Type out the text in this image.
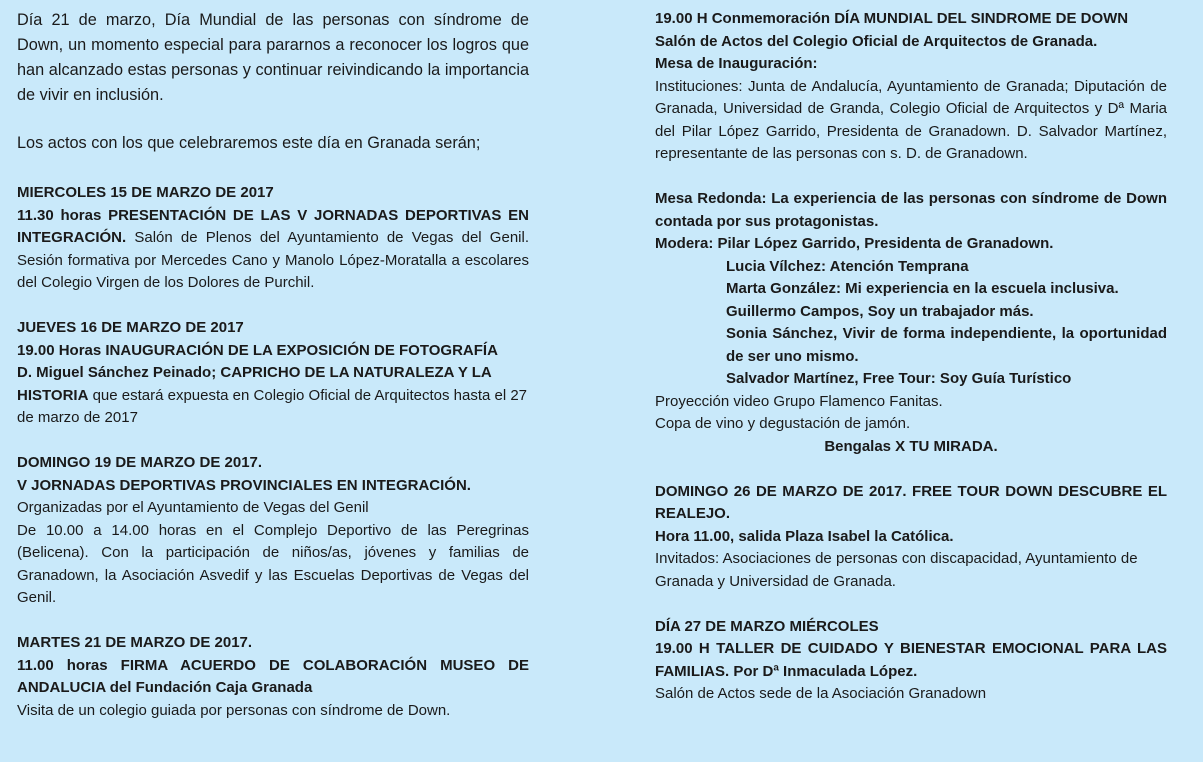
Día 21 de marzo, Día Mundial de las personas con síndrome de Down, un momento especial para pararnos a reconocer los logros que han alcanzado estas personas y continuar reivindicando la importancia de vivir en inclusión.

Los actos con los que celebraremos este día en Granada serán;

MIERCOLES 15 DE MARZO DE 2017

11.30 horas PRESENTACIÓN DE LAS V JORNADAS DEPORTIVAS EN INTEGRACIÓN. Salón de Plenos del Ayuntamiento de Vegas del Genil. Sesión formativa por Mercedes Cano y Manolo López-Moratalla a escolares del Colegio Virgen de los Dolores de Purchil.

JUEVES 16 DE MARZO DE 2017

19.00 Horas INAUGURACIÓN DE LA EXPOSICIÓN DE FOTOGRAFÍA

D. Miguel Sánchez Peinado; CAPRICHO DE LA NATURALEZA Y LA HISTORIA que estará expuesta en Colegio Oficial de Arquitectos hasta el 27 de marzo de 2017

DOMINGO 19 DE MARZO DE 2017.

V JORNADAS DEPORTIVAS PROVINCIALES EN INTEGRACIÓN.

Organizadas por el Ayuntamiento de Vegas del Genil

De 10.00 a 14.00 horas en el Complejo Deportivo de las Peregrinas (Belicena). Con la participación de niños/as, jóvenes y familias de Granadown, la Asociación Asvedif y las Escuelas Deportivas de Vegas del Genil.

MARTES 21 DE MARZO DE 2017.

11.00 horas FIRMA ACUERDO DE COLABORACIÓN MUSEO DE ANDALUCIA del Fundación Caja Granada

Visita de un colegio guiada por personas con síndrome de Down.

19.00 H Conmemoración DÍA MUNDIAL DEL SINDROME DE DOWN

Salón de Actos del Colegio Oficial de Arquitectos de Granada.

Mesa de Inauguración:

Instituciones: Junta de Andalucía, Ayuntamiento de Granada; Diputación de Granada, Universidad de Granda, Colegio Oficial de Arquitectos y Dª Maria del Pilar López Garrido, Presidenta de Granadown. D. Salvador Martínez, representante de las personas con s. D. de Granadown.

Mesa Redonda: La experiencia de las personas con síndrome de Down contada por sus protagonistas.

Modera: Pilar López Garrido, Presidenta de Granadown.

Lucia Vílchez: Atención Temprana

Marta González: Mi experiencia en la escuela inclusiva.

Guillermo Campos, Soy un trabajador más.

Sonia Sánchez, Vivir de forma independiente, la oportunidad de ser uno mismo.

Salvador Martínez, Free Tour: Soy Guía Turístico

Proyección video Grupo Flamenco Fanitas.

Copa de vino y degustación de jamón.

Bengalas X TU MIRADA.

DOMINGO 26 DE MARZO DE 2017. FREE TOUR DOWN DESCUBRE EL REALEJO.

Hora 11.00, salida Plaza Isabel la Católica.

Invitados: Asociaciones de personas con discapacidad, Ayuntamiento de Granada y Universidad de Granada.

DÍA 27 DE MARZO MIÉRCOLES

19.00 H TALLER DE CUIDADO Y BIENESTAR EMOCIONAL PARA LAS FAMILIAS. Por Dª Inmaculada López.

Salón de Actos sede de la Asociación Granadown
